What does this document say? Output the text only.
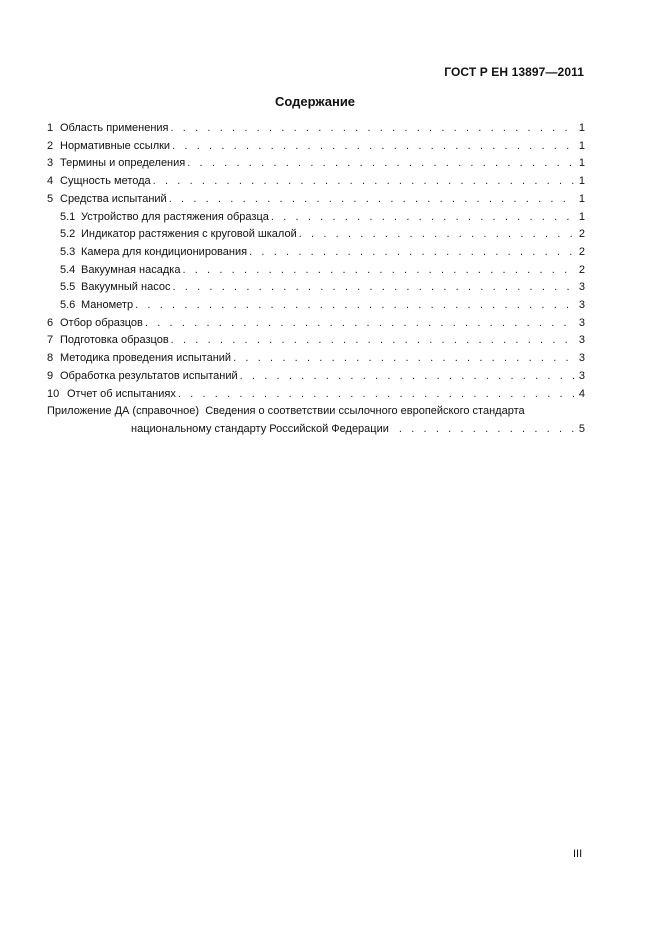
ГОСТ Р ЕН 13897—2011
Содержание
1 Область применения . . .	1
2 Нормативные ссылки . . .	1
3 Термины и определения . . .	1
4 Сущность метода . . .	1
5 Средства испытаний . . .	1
5.1 Устройство для растяжения образца . . .	1
5.2 Индикатор растяжения с круговой шкалой . . .	2
5.3 Камера для кондиционирования . . .	2
5.4 Вакуумная насадка . . .	2
5.5 Вакуумный насос . . .	3
5.6 Манометр . . .	3
6 Отбор образцов . . .	3
7 Подготовка образцов . . .	3
8 Методика проведения испытаний . . .	3
9 Обработка результатов испытаний . . .	3
10 Отчет об испытаниях . . .	4
Приложение ДА (справочное) Сведения о соответствии ссылочного европейского стандарта
национальному стандарту Российской Федерации . . .	5
III
